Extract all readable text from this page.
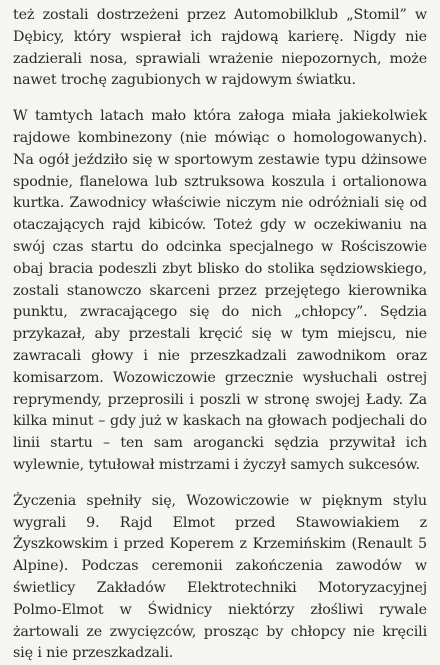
też zostali dostrzeżeni przez Automobilklub „Stomil” w Dębicy, który wspierał ich rajdową karierę. Nigdy nie zadzierali nosa, sprawiali wrażenie niepozornych, może nawet trochę zagubionych w rajdowym światku.

W tamtych latach mało która załoga miała jakiekolwiek rajdowe kombinezony (nie mówiąc o homologowanych). Na ogół jeździło się w sportowym zestawie typu dżinsowe spodnie, flanelowa lub sztruksowa koszula i ortalionowa kurtka. Zawodnicy właściwie niczym nie odróżniali się od otaczających rajd kibiców. Toteż gdy w oczekiwaniu na swój czas startu do odcinka specjalnego w Rościszowie obaj bracia podeszli zbyt blisko do stolika sędziowskiego, zostali stanowczo skarceni przez przejętego kierownika punktu, zwracającego się do nich „chłopcy”. Sędzia przykazał, aby przestali kręcić się w tym miejscu, nie zawracali głowy i nie przeszkadzali zawodnikom oraz komisarzom. Wozowiczowie grzecznie wysłuchali ostrej reprymendy, przeprosili i poszli w stronę swojej Łady. Za kilka minut – gdy już w kaskach na głowach podjechali do linii startu – ten sam arogancki sędzia przywitał ich wylewnie, tytułował mistrzami i życzył samych sukcesów.

Życzenia spełniły się, Wozowiczowie w pięknym stylu wygrali 9. Rajd Elmot przed Stawowiakiem z Żyszkowskim i przed Koperem z Krzemińskim (Renault 5 Alpine). Podczas ceremonii zakończenia zawodów w świetlicy Zakładów Elektrotechniki Motoryzacyjnej Polmo-Elmot w Świdnicy niektórzy złośliwi rywale żartowali ze zwycięzców, prosząc by chłopcy nie kręcili się i nie przeszkadzali.
